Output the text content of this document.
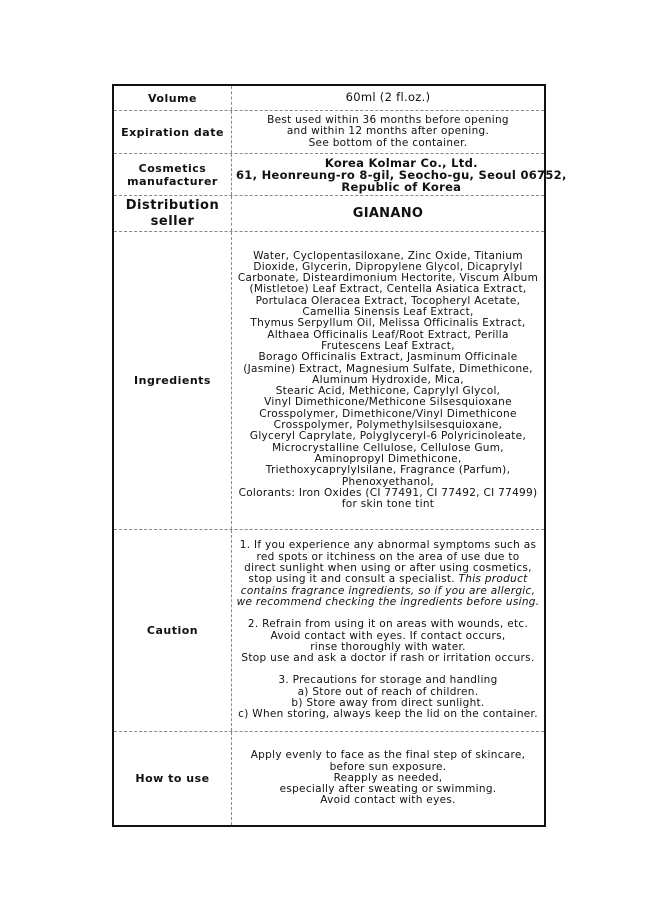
Volume	60ml (2 fl.oz.)
Expiration date
Best used within 36 months before opening
and within 12 months after opening.
See bottom of the container.
Cosmetics
manufacturer
Korea Kolmar Co., Ltd.
61, Heonreung-ro 8-gil, Seocho-gu, Seoul 06752,
Republic of Korea
Distribution
seller
GIANANO
Ingredients
Water, Cyclopentasiloxane, Zinc Oxide, Titanium
Dioxide, Glycerin, Dipropylene Glycol, Dicaprylyl
Carbonate, Disteardimonium Hectorite, Viscum Album
(Mistletoe) Leaf Extract, Centella Asiatica Extract,
Portulaca Oleracea Extract, Tocopheryl Acetate,
Camellia Sinensis Leaf Extract,
Thymus Serpyllum Oil, Melissa Officinalis Extract,
Althaea Officinalis Leaf/Root Extract, Perilla
Frutescens Leaf Extract,
Borago Officinalis Extract, Jasminum Officinale
(Jasmine) Extract, Magnesium Sulfate, Dimethicone,
Aluminum Hydroxide, Mica,
Stearic Acid, Methicone, Caprylyl Glycol,
Vinyl Dimethicone/Methicone Silsesquioxane
Crosspolymer, Dimethicone/Vinyl Dimethicone
Crosspolymer, Polymethylsilsesquioxane,
Glyceryl Caprylate, Polyglyceryl-6 Polyricinoleate,
Microcrystalline Cellulose, Cellulose Gum,
Aminopropyl Dimethicone,
Triethoxycaprylylsilane, Fragrance (Parfum),
Phenoxyethanol,
Colorants: Iron Oxides (CI 77491, CI 77492, CI 77499)
for skin tone tint
Caution
1. If you experience any abnormal symptoms such as
red spots or itchiness on the area of use due to
direct sunlight when using or after using cosmetics,
stop using it and consult a specialist. This product
contains fragrance ingredients, so if you are allergic,
we recommend checking the ingredients before using.
2. Refrain from using it on areas with wounds, etc.
Avoid contact with eyes. If contact occurs,
rinse thoroughly with water.
Stop use and ask a doctor if rash or irritation occurs.
3. Precautions for storage and handling
a) Store out of reach of children.
b) Store away from direct sunlight.
c) When storing, always keep the lid on the container.
How to use
Apply evenly to face as the final step of skincare,
before sun exposure.
Reapply as needed,
especially after sweating or swimming.
Avoid contact with eyes.
